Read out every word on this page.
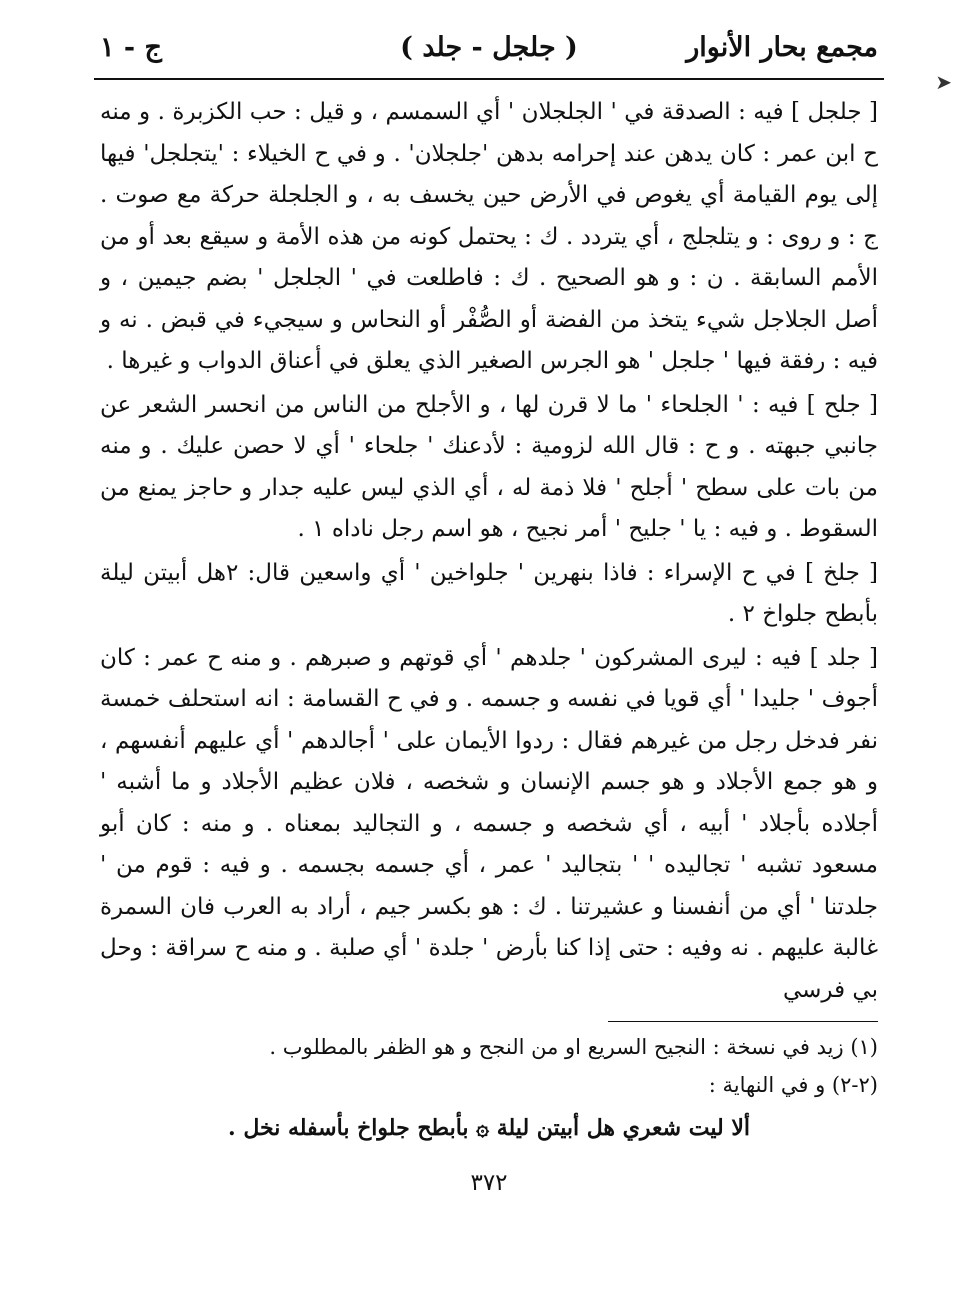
➤
مجمع بحار الأنوار
( جلجل - جلد )
ج - ١

[ جلجل ] فيه : الصدقة في ' الجلجلان ' أي السمسم ، و قيل : حب الكزبرة . و منه ح ابن عمر : كان يدهن عند إحرامه بدهن 'جلجلان' . و في ح الخيلاء : 'يتجلجل' فيها إلى يوم القيامة أي يغوص في الأرض حين يخسف به ، و الجلجلة حركة مع صوت . ج : و روى : و يتلجلج ، أي يتردد . ك : يحتمل كونه من هذه الأمة و سيقع بعد أو من الأمم السابقة . ن : و هو الصحيح . ك : فاطلعت في ' الجلجل ' بضم جيمين ، و أصل الجلاجل شيء يتخذ من الفضة أو الصُّفْر أو النحاس و سيجيء في قبض . نه و فيه : رفقة فيها ' جلجل ' هو الجرس الصغير الذي يعلق في أعناق الدواب و غيرها .

[ جلح ] فيه : ' الجلحاء ' ما لا قرن لها ، و الأجلح من الناس من انحسر الشعر عن جانبي جبهته . و ح : قال الله لزومية : لأدعنك ' جلحاء ' أي لا حصن عليك . و منه من بات على سطح ' أجلح ' فلا ذمة له ، أي الذي ليس عليه جدار و حاجز يمنع من السقوط . و فيه : يا ' جليح ' أمر نجيح ، هو اسم رجل ناداه ١ .

[ جلخ ] في ح الإسراء : فاذا بنهرين ' جلواخين ' أي واسعين قال: ٢هل أبيتن ليلة بأبطح جلواخ ٢ .

[ جلد ] فيه : ليرى المشركون ' جلدهم ' أي قوتهم و صبرهم . و منه ح عمر : كان أجوف ' جليدا ' أي قويا في نفسه و جسمه . و في ح القسامة : انه استحلف خمسة نفر فدخل رجل من غيرهم فقال : ردوا الأيمان على ' أجالدهم ' أي عليهم أنفسهم ، و هو جمع الأجلاد و هو جسم الإنسان و شخصه ، فلان عظيم الأجلاد و ما أشبه ' أجلاده بأجلاد ' أبيه ، أي شخصه و جسمه ، و التجاليد بمعناه . و منه : كان أبو مسعود تشبه ' تجاليده ' ' بتجاليد ' عمر ، أي جسمه بجسمه . و فيه : قوم من ' جلدتنا ' أي من أنفسنا و عشيرتنا . ك : هو بكسر جيم ، أراد به العرب فان السمرة غالبة عليهم . نه وفيه : حتى إذا كنا بأرض ' جلدة ' أي صلبة . و منه ح سراقة : وحل بي فرسي

(١) زيد في نسخة : النجيح السريع او من النجح و هو الظفر بالمطلوب .

(٢-٢) و في النهاية :

ألا ليت شعري هل أبيتن ليلة ۞ بأبطح جلواخ بأسفله نخل .

٣٧٢
